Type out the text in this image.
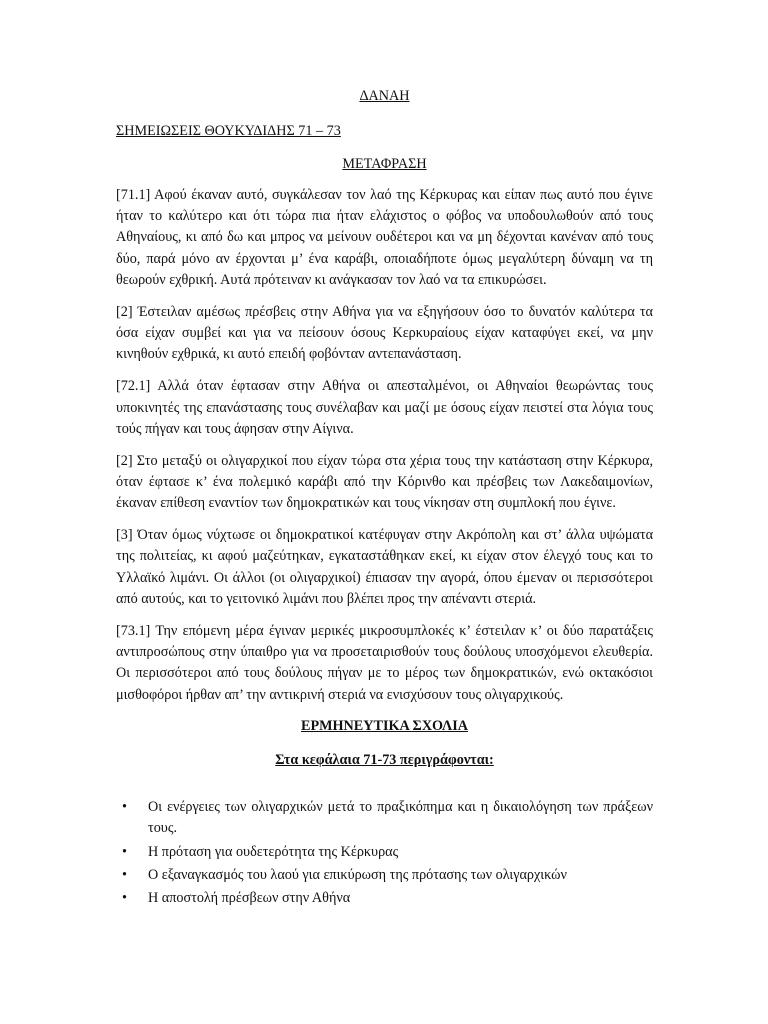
ΔΑΝΑΗ

ΣΗΜΕΙΩΣΕΙΣ ΘΟΥΚΥΔΙΔΗΣ 71 – 73

ΜΕΤΑΦΡΑΣΗ

[71.1] Αφού έκαναν αυτό, συγκάλεσαν τον λαό της Κέρκυρας και είπαν πως αυτό που έγινε ήταν το καλύτερο και ότι τώρα πια ήταν ελάχιστος ο φόβος να υποδουλωθούν από τους Αθηναίους, κι από δω και μπρος να μείνουν ουδέτεροι και να μη δέχονται κανέναν από τους δύο, παρά μόνο αν έρχονται μ’ ένα καράβι, οποιαδήποτε όμως μεγαλύτερη δύναμη να τη θεωρούν εχθρική. Αυτά πρότειναν κι ανάγκασαν τον λαό να τα επικυρώσει.

[2] Έστειλαν αμέσως πρέσβεις στην Αθήνα για να εξηγήσουν όσο το δυνατόν καλύτερα τα όσα είχαν συμβεί και για να πείσουν όσους Κερκυραίους είχαν καταφύγει εκεί, να μην κινηθούν εχθρικά, κι αυτό επειδή φοβόνταν αντεπανάσταση.

[72.1] Αλλά όταν έφτασαν στην Αθήνα οι απεσταλμένοι, οι Αθηναίοι θεωρώντας τους υποκινητές της επανάστασης τους συνέλαβαν και μαζί με όσους είχαν πειστεί στα λόγια τους τούς πήγαν και τους άφησαν στην Αίγινα.

[2] Στο μεταξύ οι ολιγαρχικοί που είχαν τώρα στα χέρια τους την κατάσταση στην Κέρκυρα, όταν έφτασε κ’ ένα πολεμικό καράβι από την Κόρινθο και πρέσβεις των Λακεδαιμονίων, έκαναν επίθεση εναντίον των δημοκρατικών και τους νίκησαν στη συμπλοκή που έγινε.

[3] Όταν όμως νύχτωσε οι δημοκρατικοί κατέφυγαν στην Ακρόπολη και στ’ άλλα υψώματα της πολιτείας, κι αφού μαζεύτηκαν, εγκαταστάθηκαν εκεί, κι είχαν στον έλεγχό τους και το Υλλαϊκό λιμάνι. Οι άλλοι (οι ολιγαρχικοί) έπιασαν την αγορά, όπου έμεναν οι περισσότεροι από αυτούς, και το γειτονικό λιμάνι που βλέπει προς την απέναντι στεριά.

[73.1] Την επόμενη μέρα έγιναν μερικές μικροσυμπλοκές κ’ έστειλαν κ’ οι δύο παρατάξεις αντιπροσώπους στην ύπαιθρο για να προσεταιρισθούν τους δούλους υποσχόμενοι ελευθερία. Οι περισσότεροι από τους δούλους πήγαν με το μέρος των δημοκρατικών, ενώ οκτακόσιοι μισθοφόροι ήρθαν απ’ την αντικρινή στεριά να ενισχύσουν τους ολιγαρχικούς.

ΕΡΜΗΝΕΥΤΙΚΑ ΣΧΟΛΙΑ

Στα κεφάλαια 71-73 περιγράφονται:

• Οι ενέργειες των ολιγαρχικών μετά το πραξικόπημα και η δικαιολόγηση των πράξεων τους.
• Η πρόταση για ουδετερότητα της Κέρκυρας
• Ο εξαναγκασμός του λαού για επικύρωση της πρότασης των ολιγαρχικών
• Η αποστολή πρέσβεων στην Αθήνα
